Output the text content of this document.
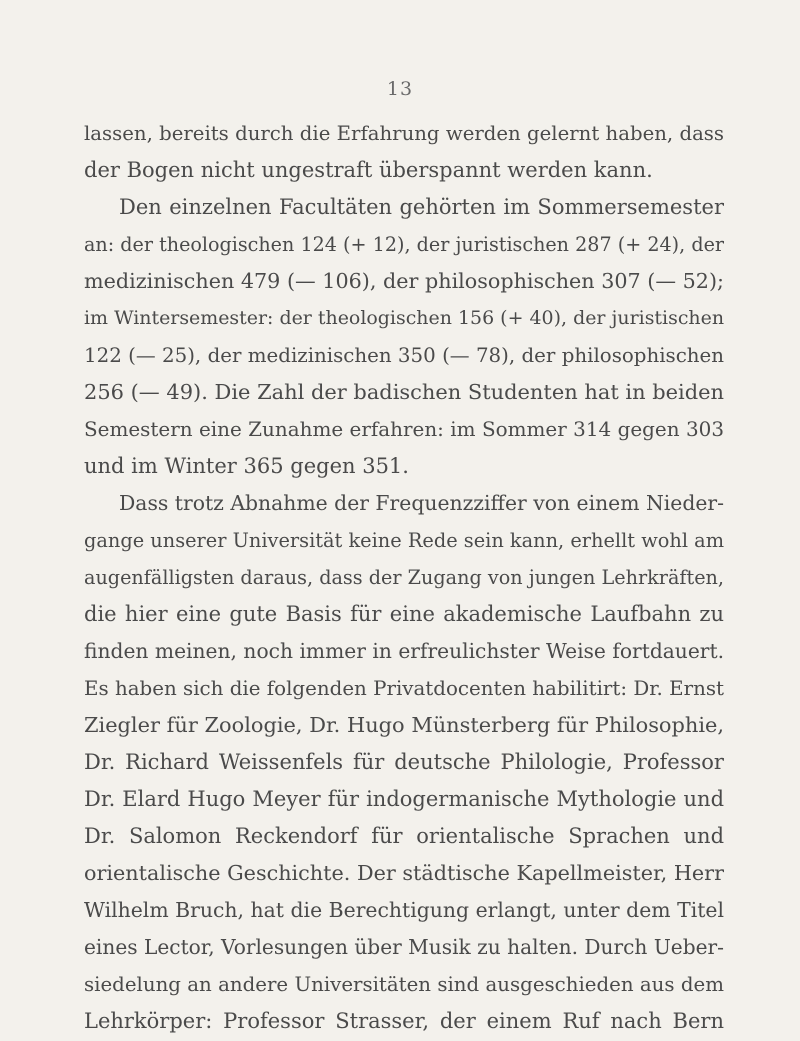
13
lassen, bereits durch die Erfahrung werden gelernt haben, dass
der Bogen nicht ungestraft überspannt werden kann.
Den einzelnen Facultäten gehörten im Sommersemester
an: der theologischen 124 (+ 12), der juristischen 287 (+ 24), der
medizinischen 479 (— 106), der philosophischen 307 (— 52);
im Wintersemester: der theologischen 156 (+ 40), der juristischen
122 (— 25), der medizinischen 350 (— 78), der philosophischen
256 (— 49). Die Zahl der badischen Studenten hat in beiden
Semestern eine Zunahme erfahren: im Sommer 314 gegen 303
und im Winter 365 gegen 351.
Dass trotz Abnahme der Frequenzziffer von einem Nieder-
gange unserer Universität keine Rede sein kann, erhellt wohl am
augenfälligsten daraus, dass der Zugang von jungen Lehrkräften,
die hier eine gute Basis für eine akademische Laufbahn zu
finden meinen, noch immer in erfreulichster Weise fortdauert.
Es haben sich die folgenden Privatdocenten habilitirt: Dr. Ernst
Ziegler für Zoologie, Dr. Hugo Münsterberg für Philosophie,
Dr. Richard Weissenfels für deutsche Philologie, Professor
Dr. Elard Hugo Meyer für indogermanische Mythologie und
Dr. Salomon Reckendorf für orientalische Sprachen und
orientalische Geschichte. Der städtische Kapellmeister, Herr
Wilhelm Bruch, hat die Berechtigung erlangt, unter dem Titel
eines Lector, Vorlesungen über Musik zu halten. Durch Ueber-
siedelung an andere Universitäten sind ausgeschieden aus dem
Lehrkörper: Professor Strasser, der einem Ruf nach Bern
